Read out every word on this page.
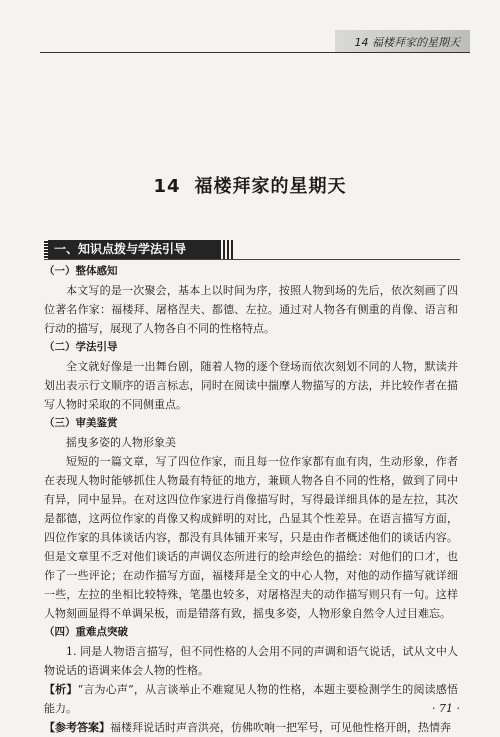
14 福楼拜家的星期天
14 福楼拜家的星期天
一、知识点拨与学法引导
（一）整体感知

本文写的是一次聚会，基本上以时间为序，按照人物到场的先后，依次刻画了四位著名作家：福楼拜、屠格涅夫、都德、左拉。通过对人物各有侧重的肖像、语言和行动的描写，展现了人物各自不同的性格特点。

（二）学法引导

全文就好像是一出舞台剧，随着人物的逐个登场而依次刻划不同的人物，默读并划出表示行文顺序的语言标志，同时在阅读中揣摩人物描写的方法，并比较作者在描写人物时采取的不同侧重点。

（三）审美鉴赏

摇曳多姿的人物形象美

短短的一篇文章，写了四位作家，而且每一位作家都有血有肉，生动形象，作者在表现人物时能够抓住人物最有特征的地方，兼顾人物各自不同的性格，做到了同中有异，同中显异。在对这四位作家进行肖像描写时，写得最详细具体的是左拉，其次是都德，这两位作家的肖像又构成鲜明的对比，凸显其个性差异。在语言描写方面，四位作家的具体谈话内容，都没有具体铺开来写，只是由作者概述他们的谈话内容。但是文章里不乏对他们谈话的声调仪态所进行的绘声绘色的描绘：对他们的口才，也作了一些评论；在动作描写方面，福楼拜是全文的中心人物，对他的动作描写就详细一些，左拉的坐相比较特殊，笔墨也较多，对屠格涅夫的动作描写则只有一句。这样人物刻画显得不单调呆板，而是错落有致，摇曳多姿，人物形象自然令人过目难忘。

（四）重难点突破

1. 同是人物语言描写，但不同性格的人会用不同的声调和语气说话，试从文中人物说话的语调来体会人物的性格。

【析】“言为心声”，从言谈举止不难窥见人物的性格，本题主要检测学生的阅读感悟能力。

【参考答案】福楼拜说话时声音洪亮，仿佛吹响一把军号，可见他性格开朗，热情奔

· 71 ·
